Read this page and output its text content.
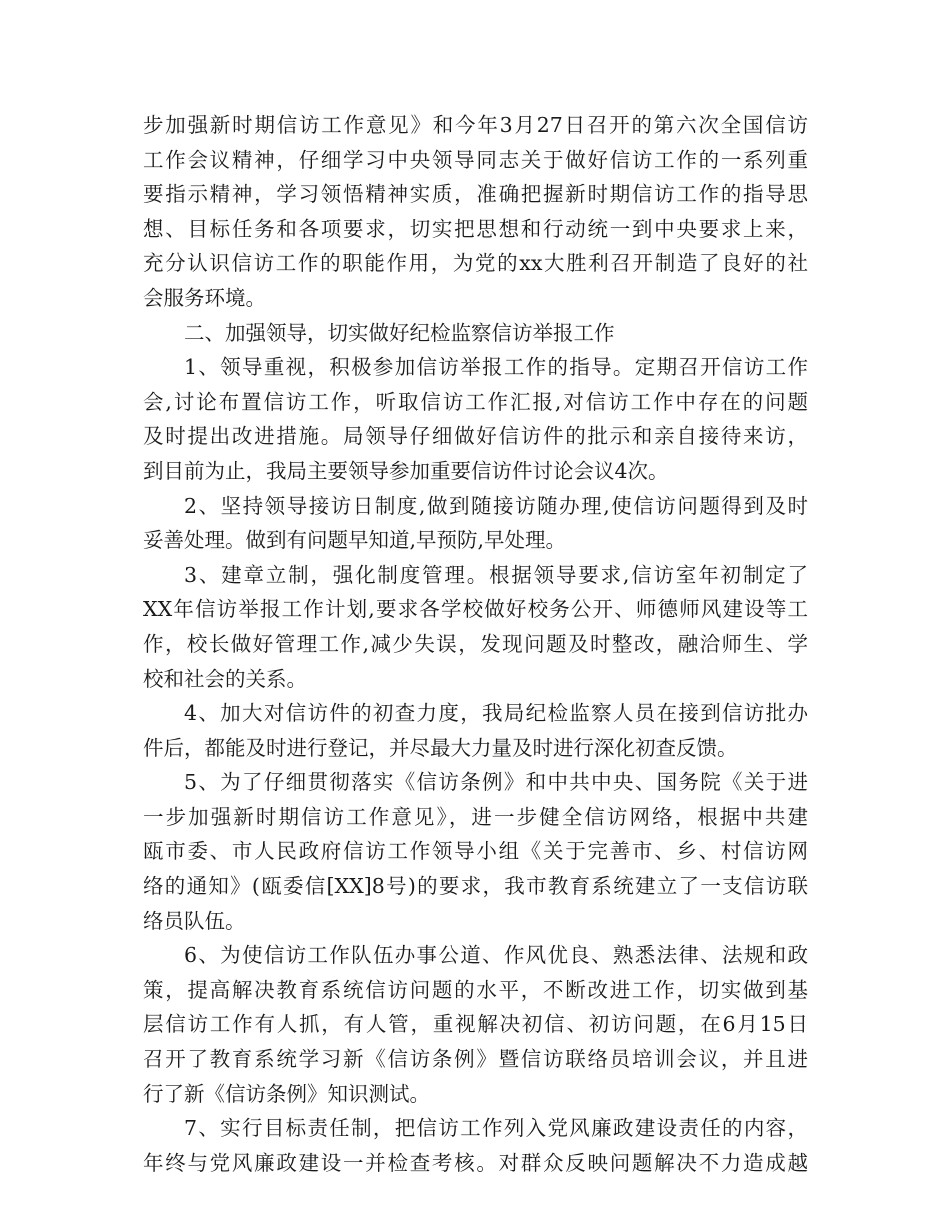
步加强新时期信访工作意见》和今年3月27日召开的第六次全国信访
工作会议精神，仔细学习中央领导同志关于做好信访工作的一系列重
要指示精神，学习领悟精神实质，准确把握新时期信访工作的指导思
想、目标任务和各项要求，切实把思想和行动统一到中央要求上来，
充分认识信访工作的职能作用，为党的xx大胜利召开制造了良好的社
会服务环境。
二、加强领导，切实做好纪检监察信访举报工作
1、领导重视，积极参加信访举报工作的指导。定期召开信访工作
会,讨论布置信访工作，听取信访工作汇报,对信访工作中存在的问题
及时提出改进措施。局领导仔细做好信访件的批示和亲自接待来访，
到目前为止，我局主要领导参加重要信访件讨论会议4次。
2、坚持领导接访日制度,做到随接访随办理,使信访问题得到及时
妥善处理。做到有问题早知道,早预防,早处理。
3、建章立制，强化制度管理。根据领导要求,信访室年初制定了
XX年信访举报工作计划,要求各学校做好校务公开、师德师风建设等工
作，校长做好管理工作,减少失误，发现问题及时整改，融洽师生、学
校和社会的关系。
4、加大对信访件的初查力度，我局纪检监察人员在接到信访批办
件后，都能及时进行登记，并尽最大力量及时进行深化初查反馈。
5、为了仔细贯彻落实《信访条例》和中共中央、国务院《关于进
一步加强新时期信访工作意见》，进一步健全信访网络，根据中共建
瓯市委、市人民政府信访工作领导小组《关于完善市、乡、村信访网
络的通知》(瓯委信[XX]8号)的要求，我市教育系统建立了一支信访联
络员队伍。
6、为使信访工作队伍办事公道、作风优良、熟悉法律、法规和政
策，提高解决教育系统信访问题的水平，不断改进工作，切实做到基
层信访工作有人抓，有人管，重视解决初信、初访问题，在6月15日
召开了教育系统学习新《信访条例》暨信访联络员培训会议，并且进
行了新《信访条例》知识测试。
7、实行目标责任制，把信访工作列入党风廉政建设责任的内容，
年终与党风廉政建设一并检查考核。对群众反映问题解决不力造成越
